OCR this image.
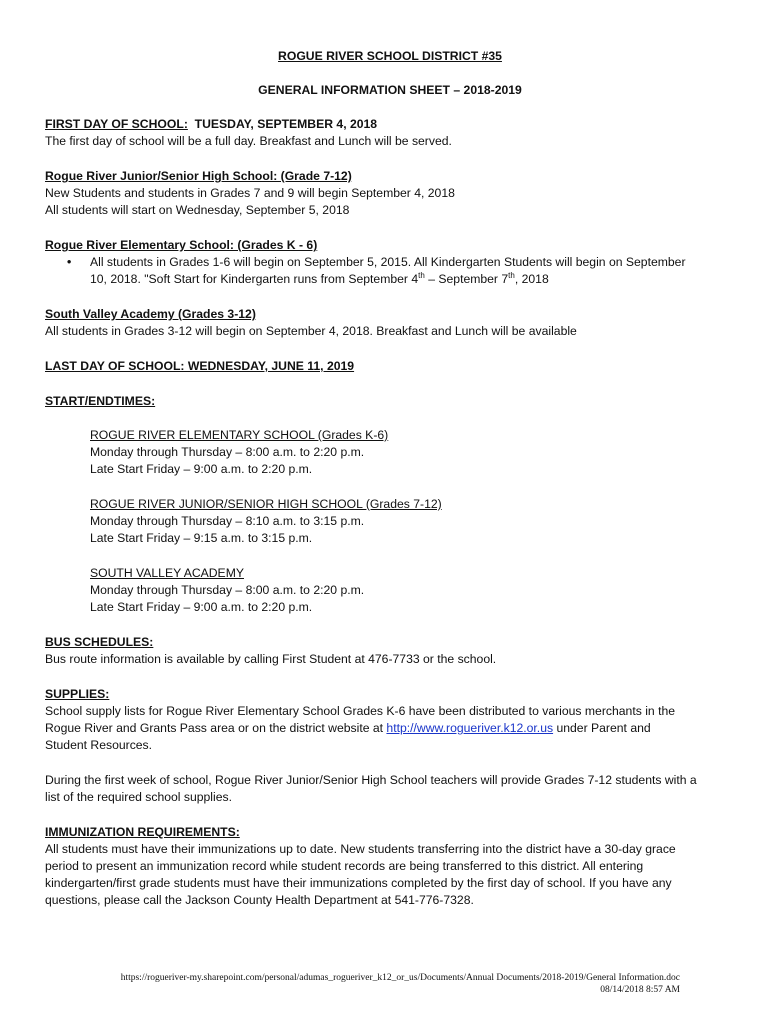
ROGUE RIVER SCHOOL DISTRICT #35
GENERAL INFORMATION SHEET – 2018-2019
FIRST DAY OF SCHOOL: TUESDAY, SEPTEMBER 4, 2018
The first day of school will be a full day. Breakfast and Lunch will be served.
Rogue River Junior/Senior High School: (Grade 7-12)
New Students and students in Grades 7 and 9 will begin September 4, 2018
All students will start on Wednesday, September 5, 2018
Rogue River Elementary School: (Grades K - 6)
• All students in Grades 1-6 will begin on September 5, 2015. All Kindergarten Students will begin on September
10, 2018. "Soft Start for Kindergarten runs from September 4th – September 7th, 2018
South Valley Academy (Grades 3-12)
All students in Grades 3-12 will begin on September 4, 2018. Breakfast and Lunch will be available
LAST DAY OF SCHOOL: WEDNESDAY, JUNE 11, 2019
START/ENDTIMES:
ROGUE RIVER ELEMENTARY SCHOOL (Grades K-6)
Monday through Thursday – 8:00 a.m. to 2:20 p.m.
Late Start Friday – 9:00 a.m. to 2:20 p.m.
ROGUE RIVER JUNIOR/SENIOR HIGH SCHOOL (Grades 7-12)
Monday through Thursday – 8:10 a.m. to 3:15 p.m.
Late Start Friday – 9:15 a.m. to 3:15 p.m.
SOUTH VALLEY ACADEMY
Monday through Thursday – 8:00 a.m. to 2:20 p.m.
Late Start Friday – 9:00 a.m. to 2:20 p.m.
BUS SCHEDULES:
Bus route information is available by calling First Student at 476-7733 or the school.
SUPPLIES:
School supply lists for Rogue River Elementary School Grades K-6 have been distributed to various merchants in the
Rogue River and Grants Pass area or on the district website at http://www.rogueriver.k12.or.us under Parent and
Student Resources.
During the first week of school, Rogue River Junior/Senior High School teachers will provide Grades 7-12 students with a
list of the required school supplies.
IMMUNIZATION REQUIREMENTS:
All students must have their immunizations up to date. New students transferring into the district have a 30-day grace
period to present an immunization record while student records are being transferred to this district. All entering
kindergarten/first grade students must have their immunizations completed by the first day of school. If you have any
questions, please call the Jackson County Health Department at 541-776-7328.
https://rogueriver-my.sharepoint.com/personal/adumas_rogueriver_k12_or_us/Documents/Annual Documents/2018-2019/General Information.doc
08/14/2018 8:57 AM
